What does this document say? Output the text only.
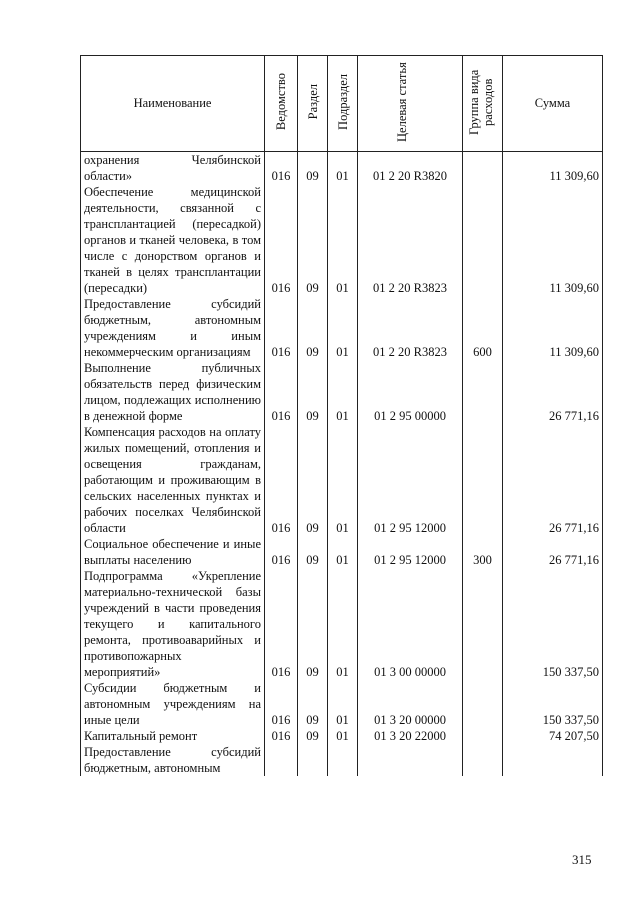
Наименование	Ведомство	Раздел	Подраздел	Целевая статья	Группа вида расходов	Сумма
охранения Челябинской области»	016	09	01	01 2 20 R3820		11 309,60
Обеспечение медицинской деятельности, связанной с трансплантацией (пересадкой) органов и тканей человека, в том числе с донорством органов и тканей в целях трансплантации (пересадки)	016	09	01	01 2 20 R3823		11 309,60
Предоставление субсидий бюджетным, автономным учреждениям и иным некоммерческим организациям	016	09	01	01 2 20 R3823	600	11 309,60
Выполнение публичных обязательств перед физическим лицом, подлежащих исполнению в денежной форме	016	09	01	01 2 95 00000		26 771,16
Компенсация расходов на оплату жилых помещений, отопления и освещения гражданам, работающим и проживающим в сельских населенных пунктах и рабочих поселках Челябинской области	016	09	01	01 2 95 12000		26 771,16
Социальное обеспечение и иные выплаты населению	016	09	01	01 2 95 12000	300	26 771,16
Подпрограмма «Укрепление материально-технической базы учреждений в части проведения текущего и капитального ремонта, противоаварийных и противопожарных мероприятий»	016	09	01	01 3 00 00000		150 337,50
Субсидии бюджетным и автономным учреждениям на иные цели	016	09	01	01 3 20 00000		150 337,50
Капитальный ремонт	016	09	01	01 3 20 22000		74 207,50
Предоставление субсидий бюджетным, автономным						
315
